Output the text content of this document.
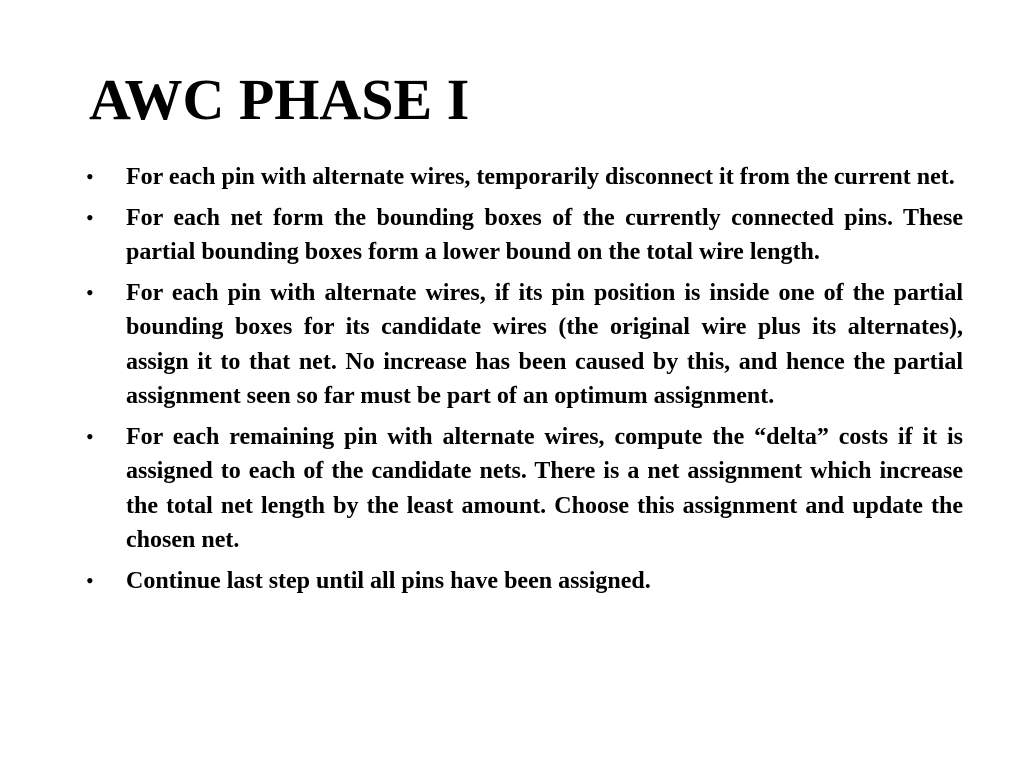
AWC PHASE I
•	For each pin with alternate wires, temporarily disconnect it from the current net.
•	For each net form the bounding boxes of the currently connected pins. These partial bounding boxes form a lower bound on the total wire length.
•	For each pin with alternate wires, if its pin position is inside one of the partial bounding boxes for its candidate wires (the original wire plus its alternates), assign it to that net. No increase has been caused by this, and hence the partial assignment seen so far must be part of an optimum assignment.
•	For each remaining pin with alternate wires, compute the “delta” costs if it is assigned to each of the candidate nets. There is a net assignment which increase the total net length by the least amount. Choose this assignment and update the chosen net.
•	Continue last step until all pins have been assigned.
